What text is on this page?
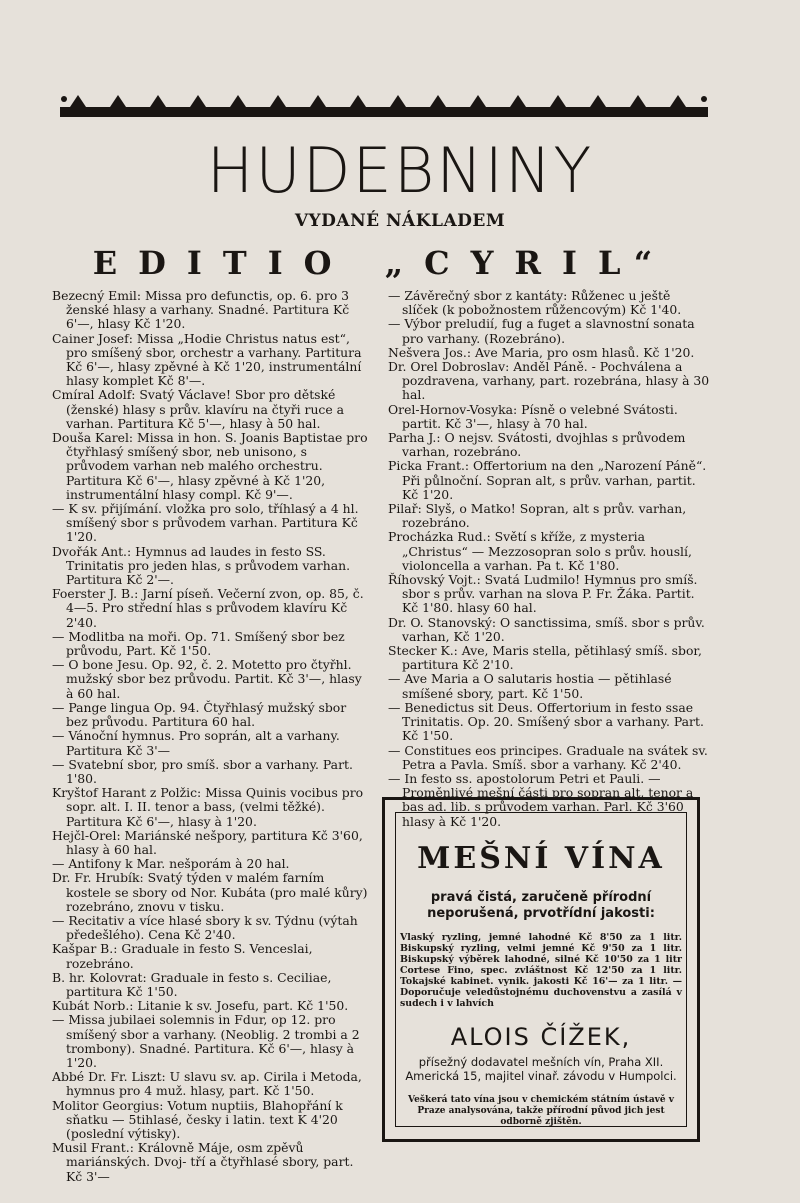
HUDEBNINY
VYDANÉ NÁKLADEM
EDITIO „CYRIL“
Bezecný Emil: Missa pro defunctis, op. 6. pro 3 ženské hlasy a varhany. Snadné. Partitura Kč 6'—, hlasy Kč 1'20.
Cainer Josef: Missa „Hodie Christus natus est“, pro smíšený sbor, orchestr a varhany. Partitura Kč 6'—, hlasy zpěvné à Kč 1'20, instrumentální hlasy komplet Kč 8'—.
Cmíral Adolf: Svatý Václave! Sbor pro dětské (ženské) hlasy s prův. klavíru na čtyři ruce a varhan. Partitura Kč 5'—, hlasy à 50 hal.
Douša Karel: Missa in hon. S. Joanis Baptistae pro čtyřhlasý smíšený sbor, neb unisono, s průvodem varhan neb malého orchestru. Partitura Kč 6'—, hlasy zpěvné à Kč 1'20, instrumentální hlasy compl. Kč 9'—.
— K sv. přijímání. vložka pro solo, tříhlasý a 4 hl. smíšený sbor s průvodem varhan. Partitura Kč 1'20.
Dvořák Ant.: Hymnus ad laudes in festo SS. Trinitatis pro jeden hlas, s průvodem varhan. Partitura Kč 2'—.
Foerster J. B.: Jarní píseň. Večerní zvon, op. 85, č. 4—5. Pro střední hlas s průvodem klavíru Kč 2'40.
— Modlitba na moři. Op. 71. Smíšený sbor bez průvodu, Part. Kč 1'50.
— O bone Jesu. Op. 92, č. 2. Motetto pro čtyřhl. mužský sbor bez průvodu. Partit. Kč 3'—, hlasy à 60 hal.
— Pange lingua Op. 94. Čtyřhlasý mužský sbor bez průvodu. Partitura 60 hal.
— Vánoční hymnus. Pro soprán, alt a varhany. Partitura Kč 3'—
— Svatební sbor, pro smíš. sbor a varhany. Part. 1'80.
Kryštof Harant z Polžic: Missa Quinis vocibus pro sopr. alt. I. II. tenor a bass, (velmi těžké). Partitura Kč 6'—, hlasy à 1'20.
Hejčl-Orel: Mariánské nešpory, partitura Kč 3'60, hlasy à 60 hal.
— Antifony k Mar. nešporám à 20 hal.
Dr. Fr. Hrubík: Svatý týden v malém farním kostele se sbory od Nor. Kubáta (pro malé kůry) rozebráno, znovu v tisku.
— Recitativ a více hlasé sbory k sv. Týdnu (výtah předešlého). Cena Kč 2'40.
Kašpar B.: Graduale in festo S. Venceslai, rozebráno.
B. hr. Kolovrat: Graduale in festo s. Ceciliae, partitura Kč 1'50.
Kubát Norb.: Litanie k sv. Josefu, part. Kč 1'50.
— Missa jubilaei solemnis in Fdur, op 12. pro smíšený sbor a varhany. (Neoblig. 2 trombi a 2 trombony). Snadné. Partitura. Kč 6'—, hlasy à 1'20.
Abbé Dr. Fr. Liszt: U slavu sv. ap. Cirila i Metoda, hymnus pro 4 muž. hlasy, part. Kč 1'50.
Molitor Georgius: Votum nuptiis, Blahopřání k sňatku — 5tihlasé, česky i latin. text K 4'20 (poslední výtisky).
Musil Frant.: Královně Máje, osm zpěvů mariánských. Dvoj- tří a čtyřhlasé sbory, part. Kč 3'—
— Závěrečný sbor z kantáty: Růženec u ještě slíček (k pobožnostem růžencovým) Kč 1'40.
— Výbor preludií, fug a fuget a slavnostní sonata pro varhany. (Rozebráno).
Nešvera Jos.: Ave Maria, pro osm hlasů. Kč 1'20.
Dr. Orel Dobroslav: Anděl Páně. - Pochválena a pozdravena, varhany, part. rozebrána, hlasy à 30 hal.
Orel-Hornov-Vosyka: Písně o velebné Svátosti. partit. Kč 3'—, hlasy à 70 hal.
Parha J.: O nejsv. Svátosti, dvojhlas s průvodem varhan, rozebráno.
Picka Frant.: Offertorium na den „Narození Páně“. Při půlnoční. Sopran alt, s prův. varhan, partit. Kč 1'20.
Pilař: Slyš, o Matko! Sopran, alt s prův. varhan, rozebráno.
Procházka Rud.: Světí s kříže, z mysteria „Christus“ — Mezzosopran solo s prův. houslí, violoncella a varhan. Pa t. Kč 1'80.
Říhovský Vojt.: Svatá Ludmilo! Hymnus pro smíš. sbor s prův. varhan na slova P. Fr. Žáka. Partit. Kč 1'80. hlasy 60 hal.
Dr. O. Stanovský: O sanctissima, smíš. sbor s prův. varhan, Kč 1'20.
Stecker K.: Ave, Maris stella, pětihlasý smíš. sbor, partitura Kč 2'10.
— Ave Maria a O salutaris hostia — pětihlasé smíšené sbory, part. Kč 1'50.
— Benedictus sit Deus. Offertorium in festo ssae Trinitatis. Op. 20. Smíšený sbor a varhany. Part. Kč 1'50.
— Constitues eos principes. Graduale na svátek sv. Petra a Pavla. Smíš. sbor a varhany. Kč 2'40.
— In festo ss. apostolorum Petri et Pauli. — Proměnlivé mešní části pro sopran alt, tenor a bas ad. lib. s průvodem varhan. Parl. Kč 3'60 hlasy à Kč 1'20.
MEŠNÍ VÍNA
pravá čistá, zaručeně přírodní neporušená, prvotřídní jakosti:
Vlaský ryzling, jemné lahodné Kč 8'50 za 1 litr. Biskupský ryzling, velmi jemné Kč 9'50 za 1 litr. Biskupský výběrek lahodné, silné Kč 10'50 za 1 litr Cortese Fino, spec. zvláštnost Kč 12'50 za 1 litr. Tokajské kabinet. vynik. jakosti Kč 16'— za 1 litr. — Doporučuje veledůstojnému duchovenstvu a zasílá v sudech i v lahvích
ALOIS ČÍŽEK,
přísežný dodavatel mešních vín, Praha XII. Americká 15, majitel vinař. závodu v Humpolci.
Veškerá tato vína jsou v chemickém státním ústavě v Praze analysována, takže přírodní původ jich jest odborně zjištěn.
